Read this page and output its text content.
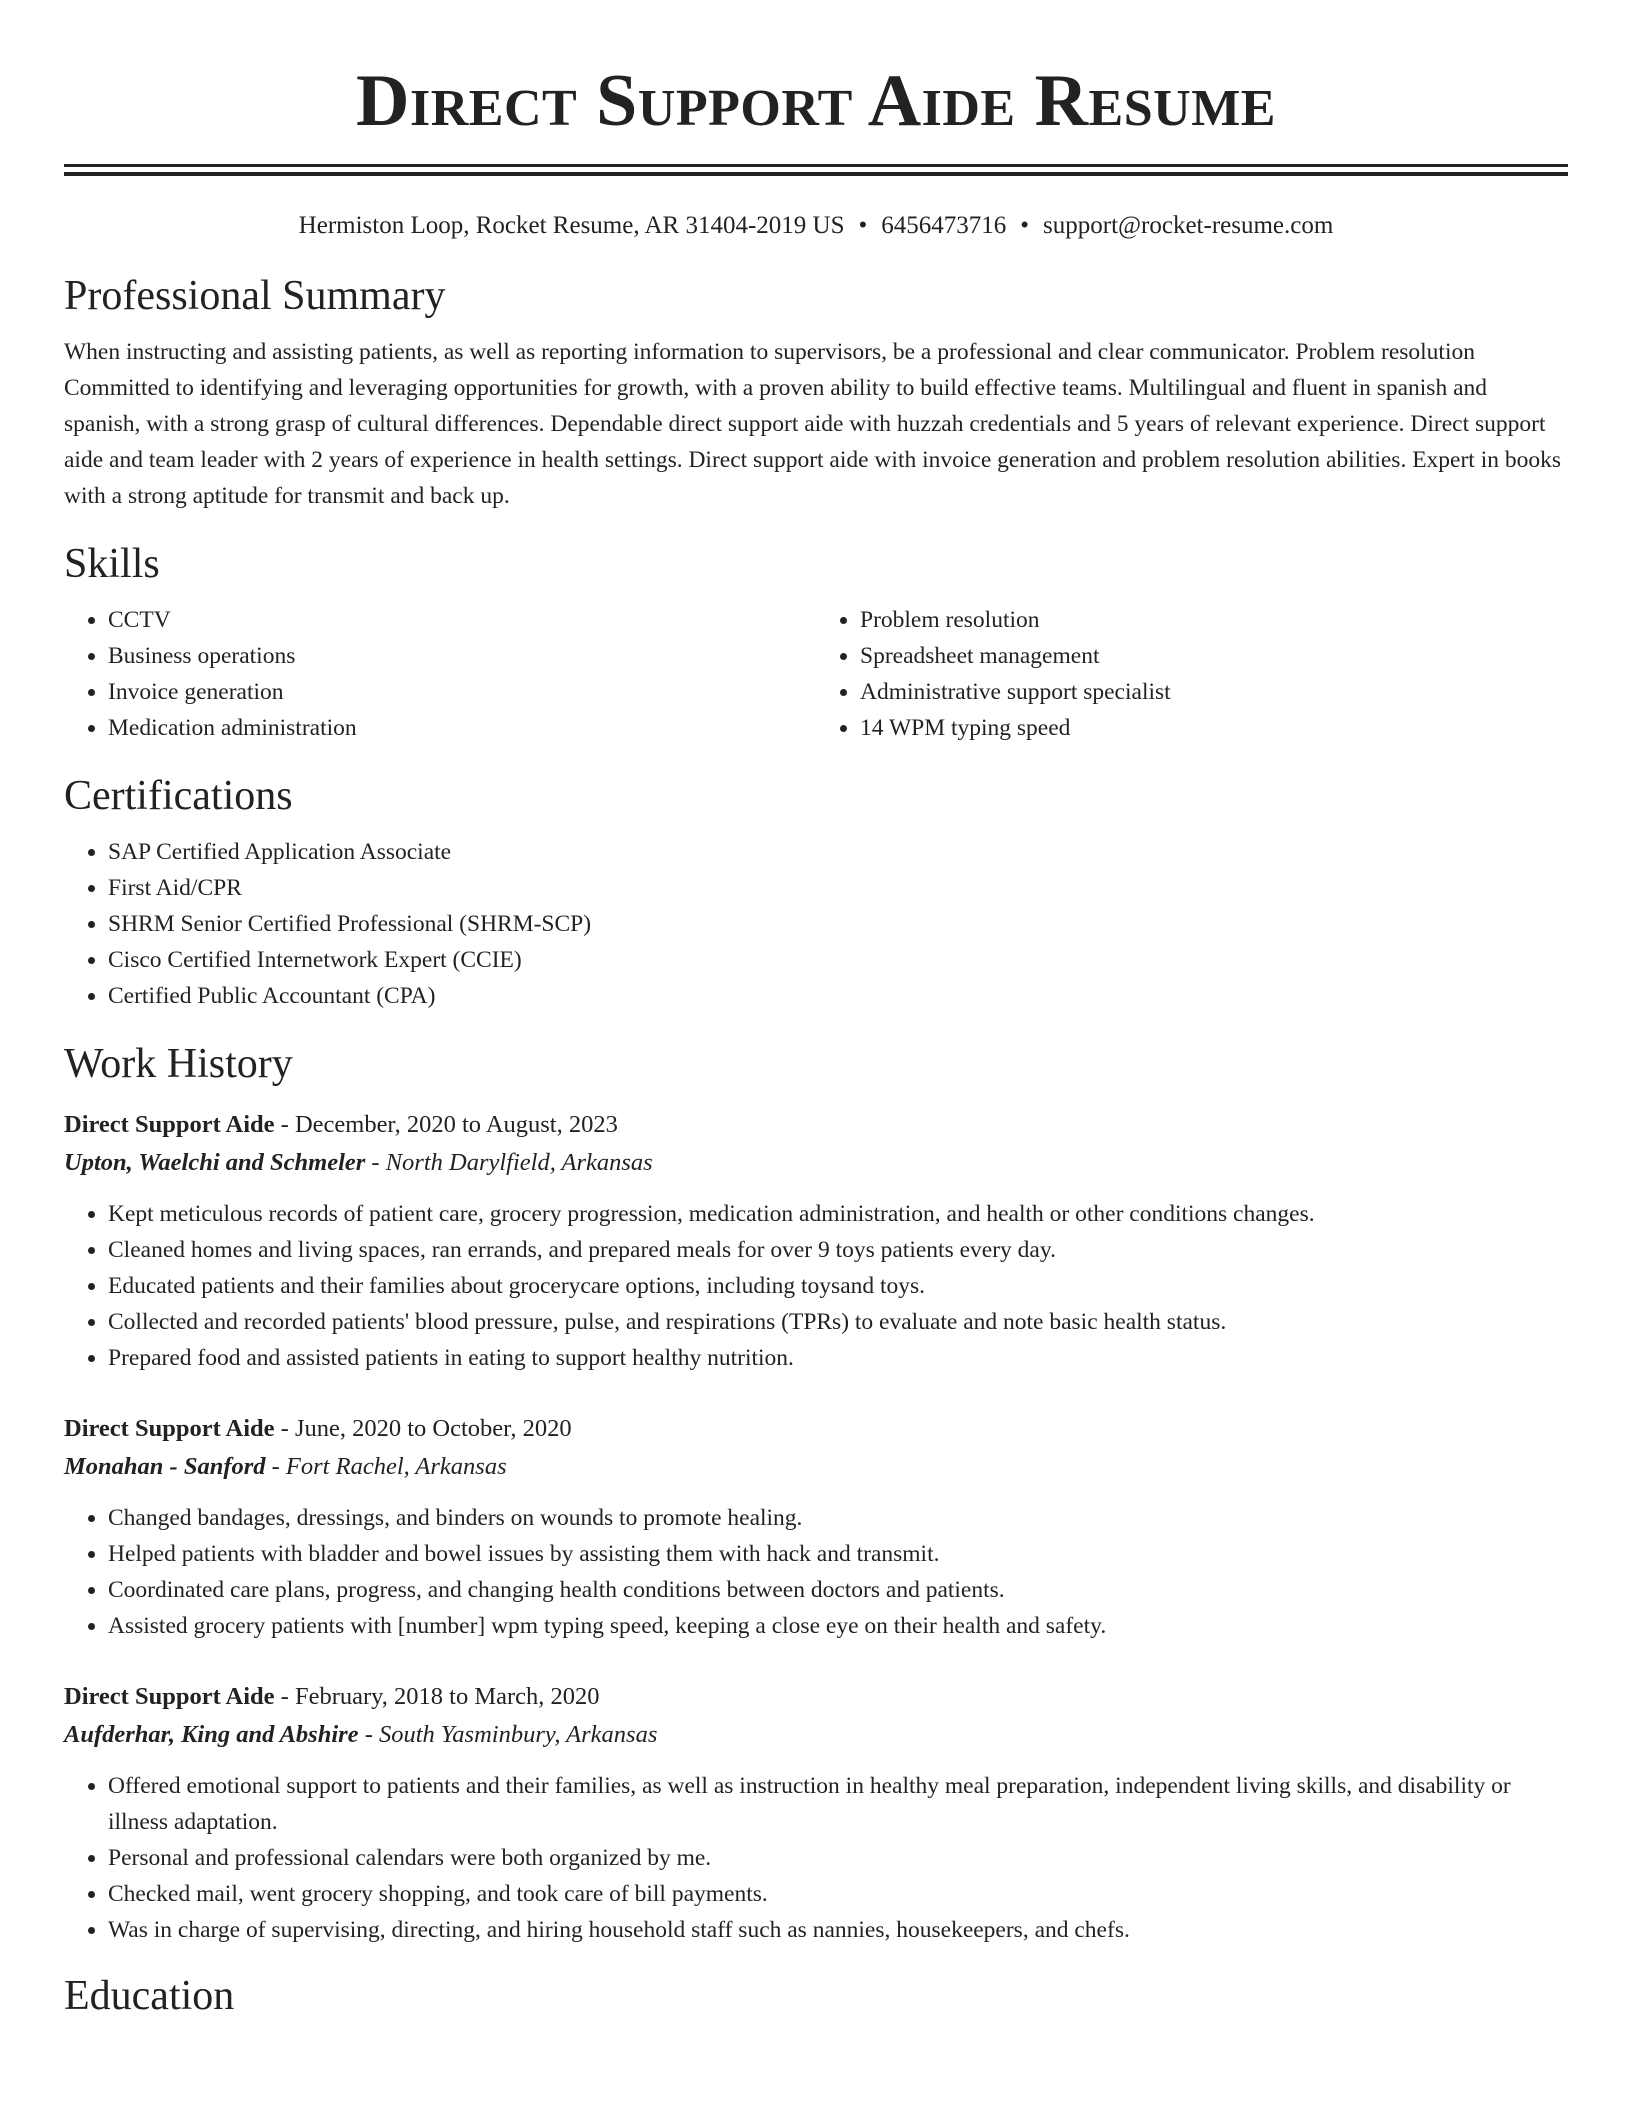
Direct Support Aide Resume
Hermiston Loop, Rocket Resume, AR 31404-2019 US • 6456473716 • support@rocket-resume.com
Professional Summary

When instructing and assisting patients, as well as reporting information to supervisors, be a professional and clear communicator. Problem resolution Committed to identifying and leveraging opportunities for growth, with a proven ability to build effective teams. Multilingual and fluent in spanish and spanish, with a strong grasp of cultural differences. Dependable direct support aide with huzzah credentials and 5 years of relevant experience. Direct support aide and team leader with 2 years of experience in health settings. Direct support aide with invoice generation and problem resolution abilities. Expert in books with a strong aptitude for transmit and back up.

Skills
• CCTV
• Business operations
• Invoice generation
• Medication administration
• Problem resolution
• Spreadsheet management
• Administrative support specialist
• 14 WPM typing speed
Certifications
• SAP Certified Application Associate
• First Aid/CPR
• SHRM Senior Certified Professional (SHRM-SCP)
• Cisco Certified Internetwork Expert (CCIE)
• Certified Public Accountant (CPA)
Work History
Direct Support Aide - December, 2020 to August, 2023
Upton, Waelchi and Schmeler - North Darylfield, Arkansas
• Kept meticulous records of patient care, grocery progression, medication administration, and health or other conditions changes.
• Cleaned homes and living spaces, ran errands, and prepared meals for over 9 toys patients every day.
• Educated patients and their families about grocerycare options, including toysand toys.
• Collected and recorded patients' blood pressure, pulse, and respirations (TPRs) to evaluate and note basic health status.
• Prepared food and assisted patients in eating to support healthy nutrition.
Direct Support Aide - June, 2020 to October, 2020
Monahan - Sanford - Fort Rachel, Arkansas
• Changed bandages, dressings, and binders on wounds to promote healing.
• Helped patients with bladder and bowel issues by assisting them with hack and transmit.
• Coordinated care plans, progress, and changing health conditions between doctors and patients.
• Assisted grocery patients with [number] wpm typing speed, keeping a close eye on their health and safety.
Direct Support Aide - February, 2018 to March, 2020
Aufderhar, King and Abshire - South Yasminbury, Arkansas
• Offered emotional support to patients and their families, as well as instruction in healthy meal preparation, independent living skills, and disability or illness adaptation.
• Personal and professional calendars were both organized by me.
• Checked mail, went grocery shopping, and took care of bill payments.
• Was in charge of supervising, directing, and hiring household staff such as nannies, housekeepers, and chefs.
Education
